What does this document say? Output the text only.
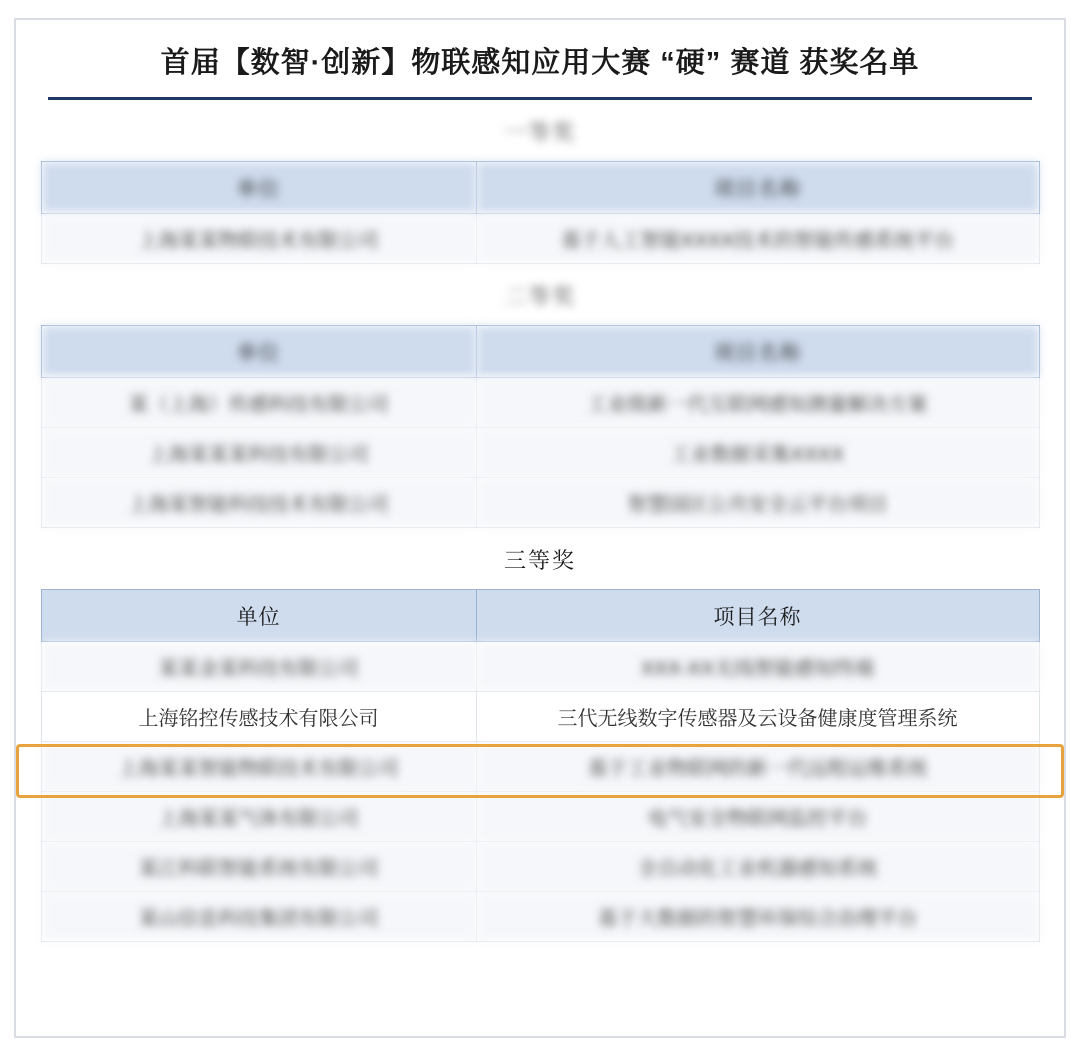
首届【数智·创新】物联感知应用大赛 “硬” 赛道 获奖名单
一等奖
单位	项目名称
上海某某物联技术有限公司	基于人工智能XXXX技术的智能传感系统平台
二等奖
单位	项目名称
某（上海）传感科技有限公司	工业级新一代互联网感知测量解决方案
上海某某某科技有限公司	工业数据采集XXXX
上海某智能科技技术有限公司	智慧园区公共安全云平台项目
三等奖
单位	项目名称
某某金某科技有限公司	XXX-XX无线智能感知终端
上海铭控传感技术有限公司	三代无线数字传感器及云设备健康度管理系统
上海某某智能物联技术有限公司	基于工业物联网的新一代远程运维系统
上海某某气体有限公司	电气安全物联网监控平台
某江科联智能系统有限公司	全自动化工业机器感知系统
某山信息科技集团有限公司	基于大数据的智慧环保综合治理平台
